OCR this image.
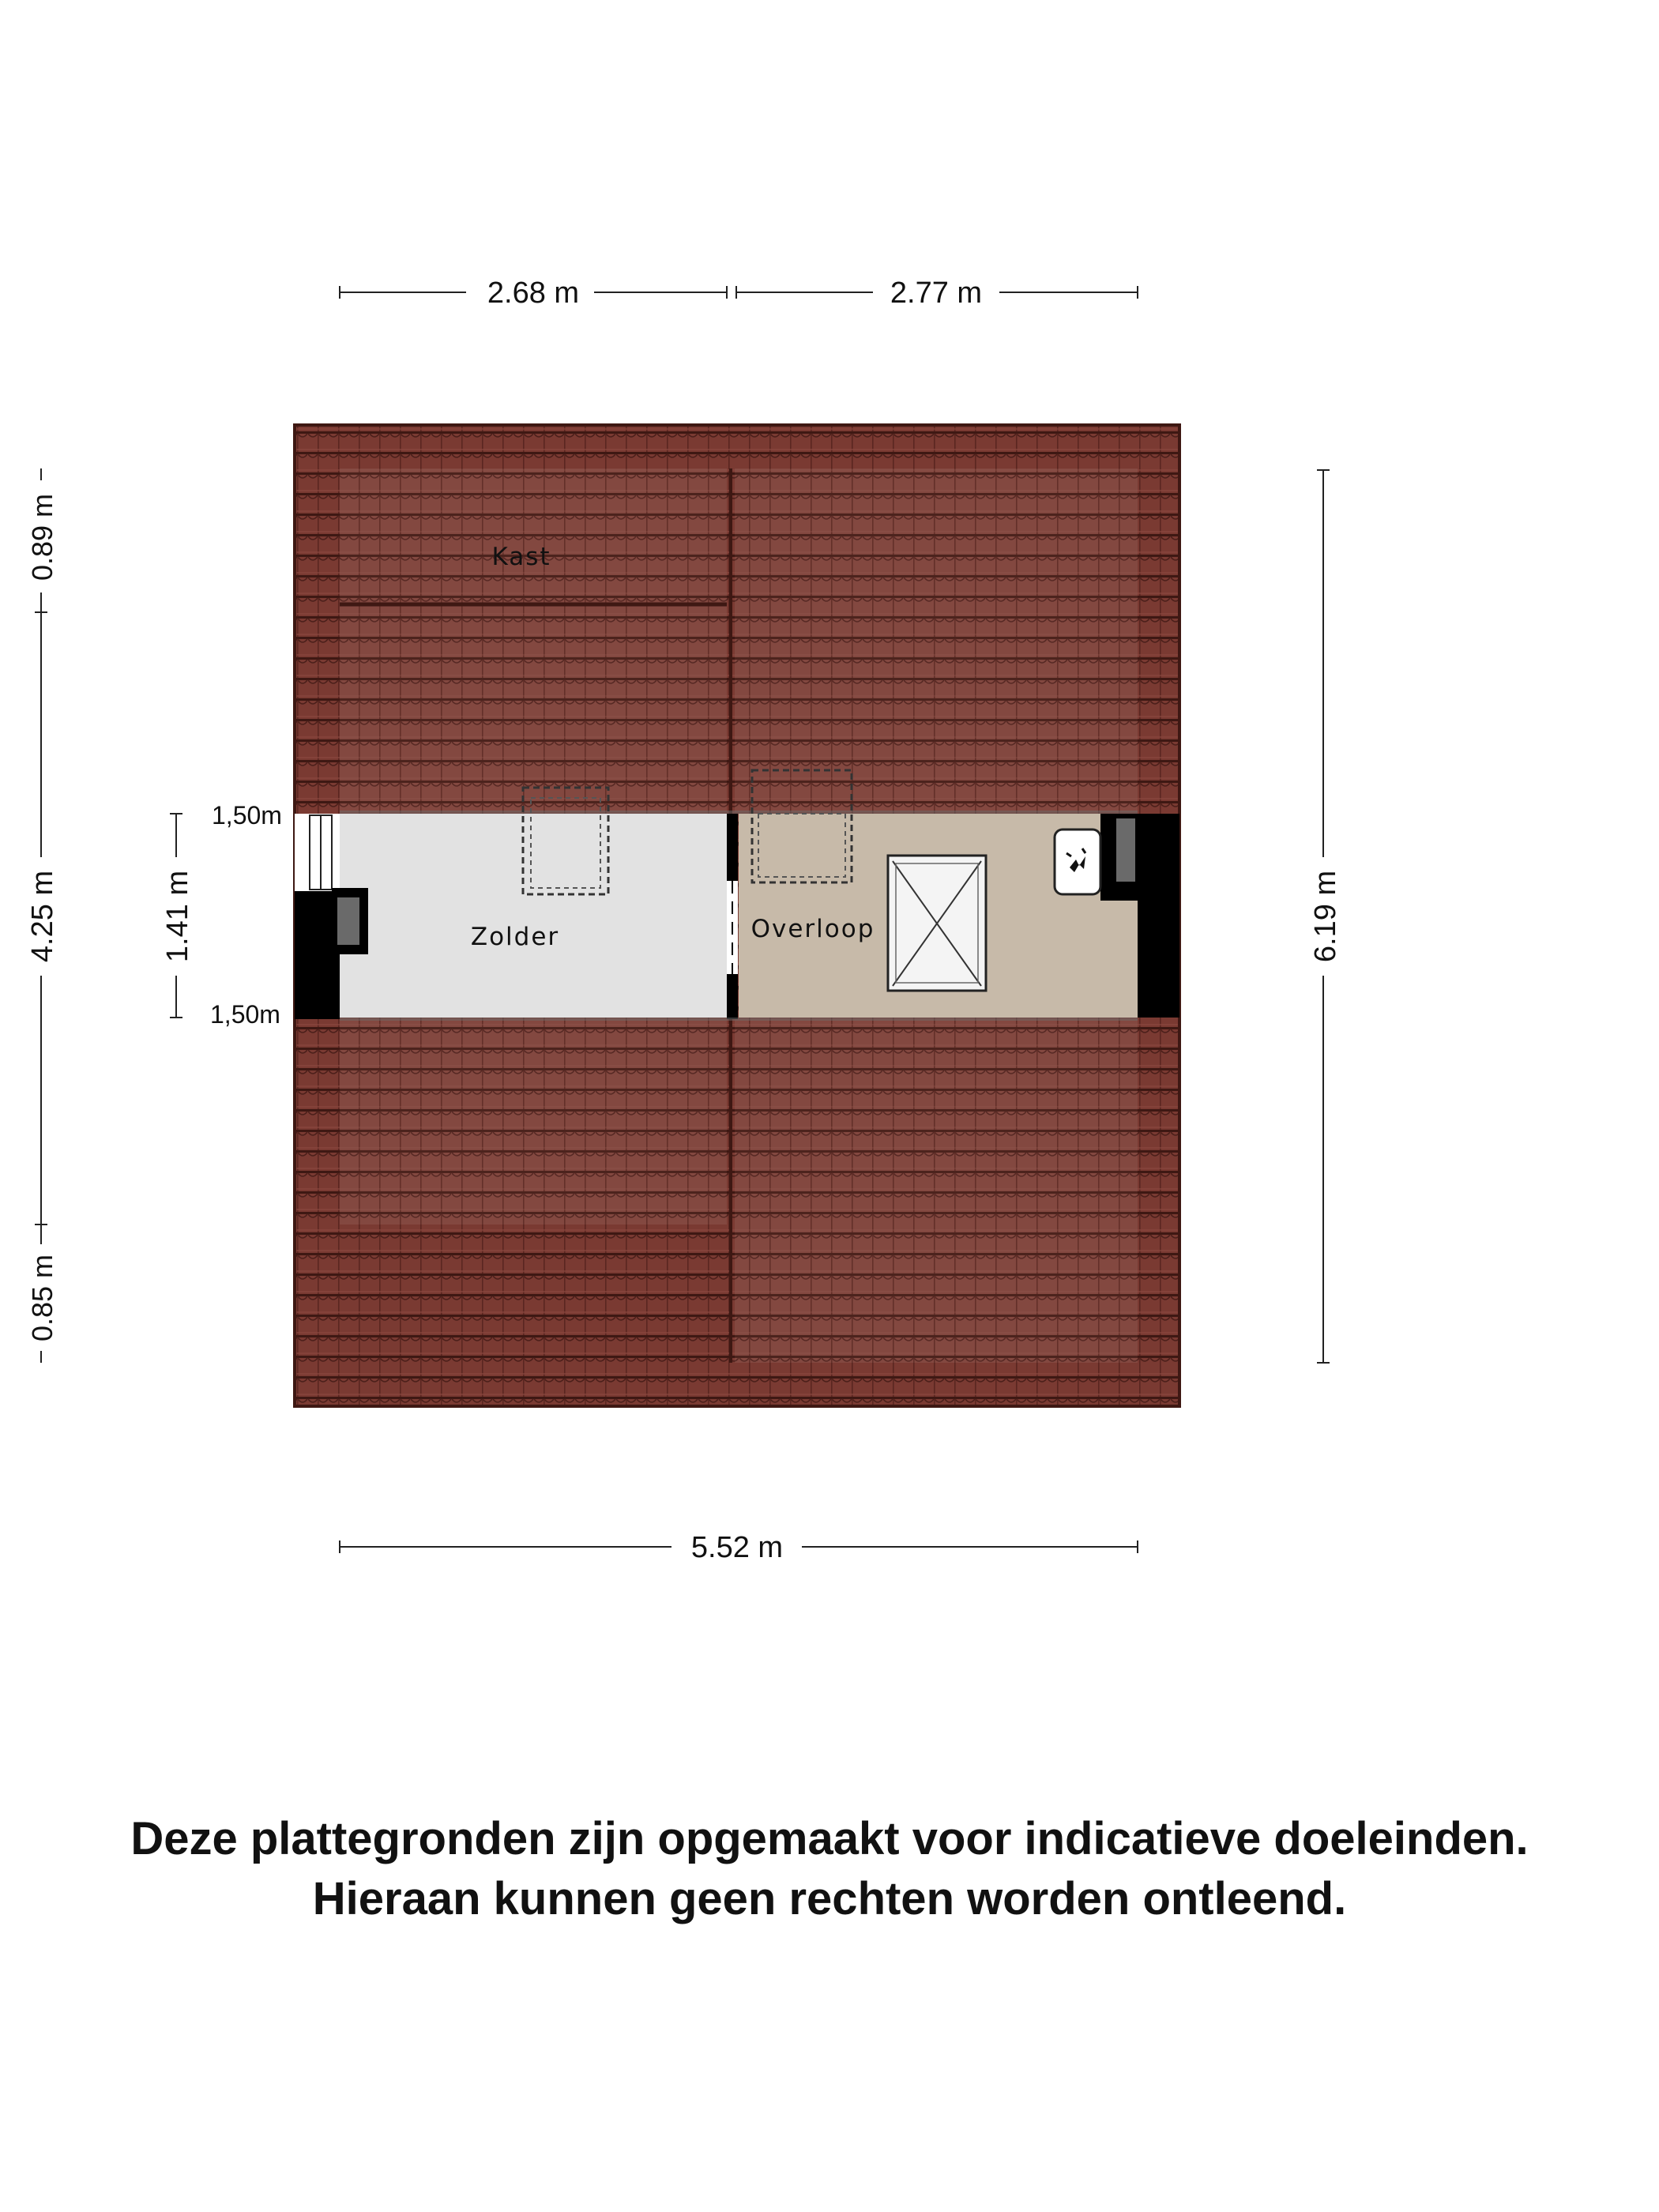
2.68 m	2.77 m
5.52 m
0.89 m
4.25 m
0.85 m
1.41 m
1,50m
1,50m
6.19 m
Kast
Zolder	Overloop
Deze plattegronden zijn opgemaakt voor indicatieve doeleinden.
Hieraan kunnen geen rechten worden ontleend.
